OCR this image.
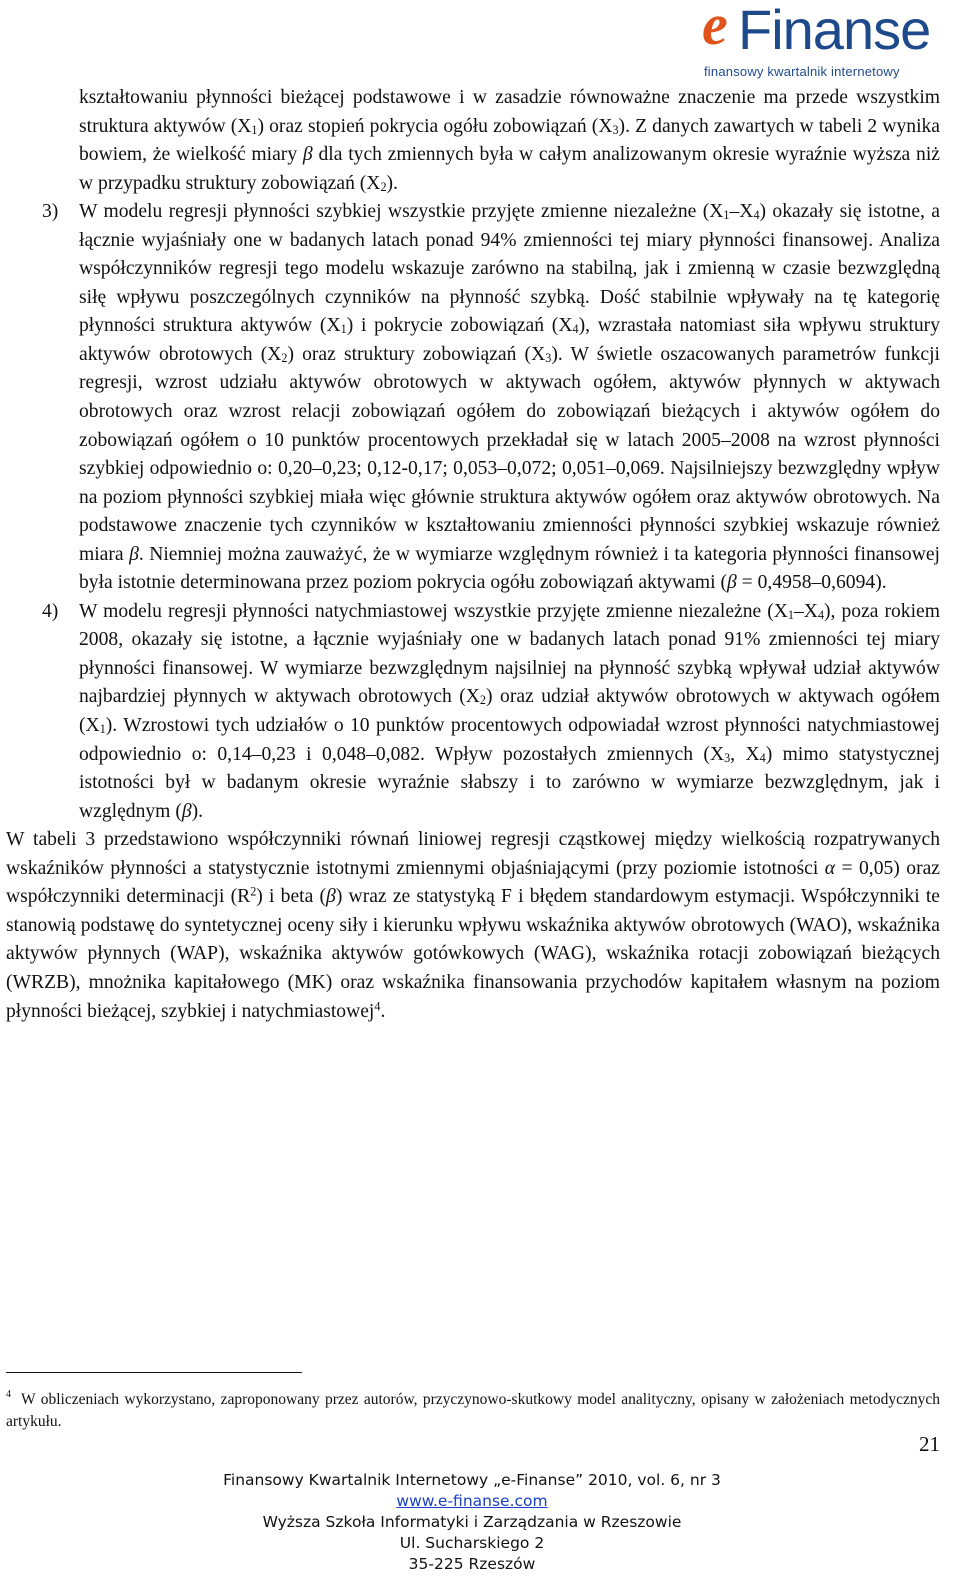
e Finanse
finansowy kwartalnik internetowy

kształtowaniu płynności bieżącej podstawowe i w zasadzie równoważne znaczenie ma przede wszystkim struktura aktywów $(X_1)$ oraz stopień pokrycia ogółu zobowiązań $(X_3)$. Z danych zawartych w tabeli 2 wynika bowiem, że wielkość miary β dla tych zmiennych była w całym analizowanym okresie wyraźnie wyższa niż w przypadku struktury zobowiązań $(X_2)$.

3) W modelu regresji płynności szybkiej wszystkie przyjęte zmienne niezależne $(X_1-X_4)$ okazały się istotne, a łącznie wyjaśniały one w badanych latach ponad 94% zmienności tej miary płynności finansowej. Analiza współczynników regresji tego modelu wskazuje zarówno na stabilną, jak i zmienną w czasie bezwzględną siłę wpływu poszczególnych czynników na płynność szybką. Dość stabilnie wpływały na tę kategorię płynności struktura aktywów $(X_1)$ i pokrycie zobowiązań $(X_4)$, wzrastała natomiast siła wpływu struktury aktywów obrotowych $(X_2)$ oraz struktury zobowiązań $(X_3)$. W świetle oszacowanych parametrów funkcji regresji, wzrost udziału aktywów obrotowych w aktywach ogółem, aktywów płynnych w aktywach obrotowych oraz wzrost relacji zobowiązań ogółem do zobowiązań bieżących i aktywów ogółem do zobowiązań ogółem o 10 punktów procentowych przekładał się w latach 2005–2008 na wzrost płynności szybkiej odpowiednio o: 0,20–0,23; 0,12-0,17; 0,053–0,072; 0,051–0,069. Najsilniejszy bezwzględny wpływ na poziom płynności szybkiej miała więc głównie struktura aktywów ogółem oraz aktywów obrotowych. Na podstawowe znaczenie tych czynników w kształtowaniu zmienności płynności szybkiej wskazuje również miara β. Niemniej można zauważyć, że w wymiarze względnym również i ta kategoria płynności finansowej była istotnie determinowana przez poziom pokrycia ogółu zobowiązań aktywami (β = 0,4958–0,6094).

4) W modelu regresji płynności natychmiastowej wszystkie przyjęte zmienne niezależne $(X_1-X_4)$, poza rokiem 2008, okazały się istotne, a łącznie wyjaśniały one w badanych latach ponad 91% zmienności tej miary płynności finansowej. W wymiarze bezwzględnym najsilniej na płynność szybką wpływał udział aktywów najbardziej płynnych w aktywach obrotowych $(X_2)$ oraz udział aktywów obrotowych w aktywach ogółem $(X_1)$. Wzrostowi tych udziałów o 10 punktów procentowych odpowiadał wzrost płynności natychmiastowej odpowiednio o: 0,14–0,23 i 0,048–0,082. Wpływ pozostałych zmiennych ($X_3$, $X_4$) mimo statystycznej istotności był w badanym okresie wyraźnie słabszy i to zarówno w wymiarze bezwzględnym, jak i względnym (β).

W tabeli 3 przedstawiono współczynniki równań liniowej regresji cząstkowej między wielkością rozpatrywanych wskaźników płynności a statystycznie istotnymi zmiennymi objaśniającymi (przy poziomie istotności α = 0,05) oraz współczynniki determinacji $(R^2)$ i beta (β) wraz ze statystyką F i błędem standardowym estymacji. Współczynniki te stanowią podstawę do syntetycznej oceny siły i kierunku wpływu wskaźnika aktywów obrotowych (WAO), wskaźnika aktywów płynnych (WAP), wskaźnika aktywów gotówkowych (WAG), wskaźnika rotacji zobowiązań bieżących (WRZB), mnożnika kapitałowego (MK) oraz wskaźnika finansowania przychodów kapitałem własnym na poziom płynności bieżącej, szybkiej i natychmiastowej$^4$.

$^4$ W obliczeniach wykorzystano, zaproponowany przez autorów, przyczynowo-skutkowy model analityczny, opisany w założeniach metodycznych artykułu.
21
Finansowy Kwartalnik Internetowy „e-Finanse” 2010, vol. 6, nr 3
www.e-finanse.com
Wyższa Szkoła Informatyki i Zarządzania w Rzeszowie
Ul. Sucharskiego 2
35-225 Rzeszów
